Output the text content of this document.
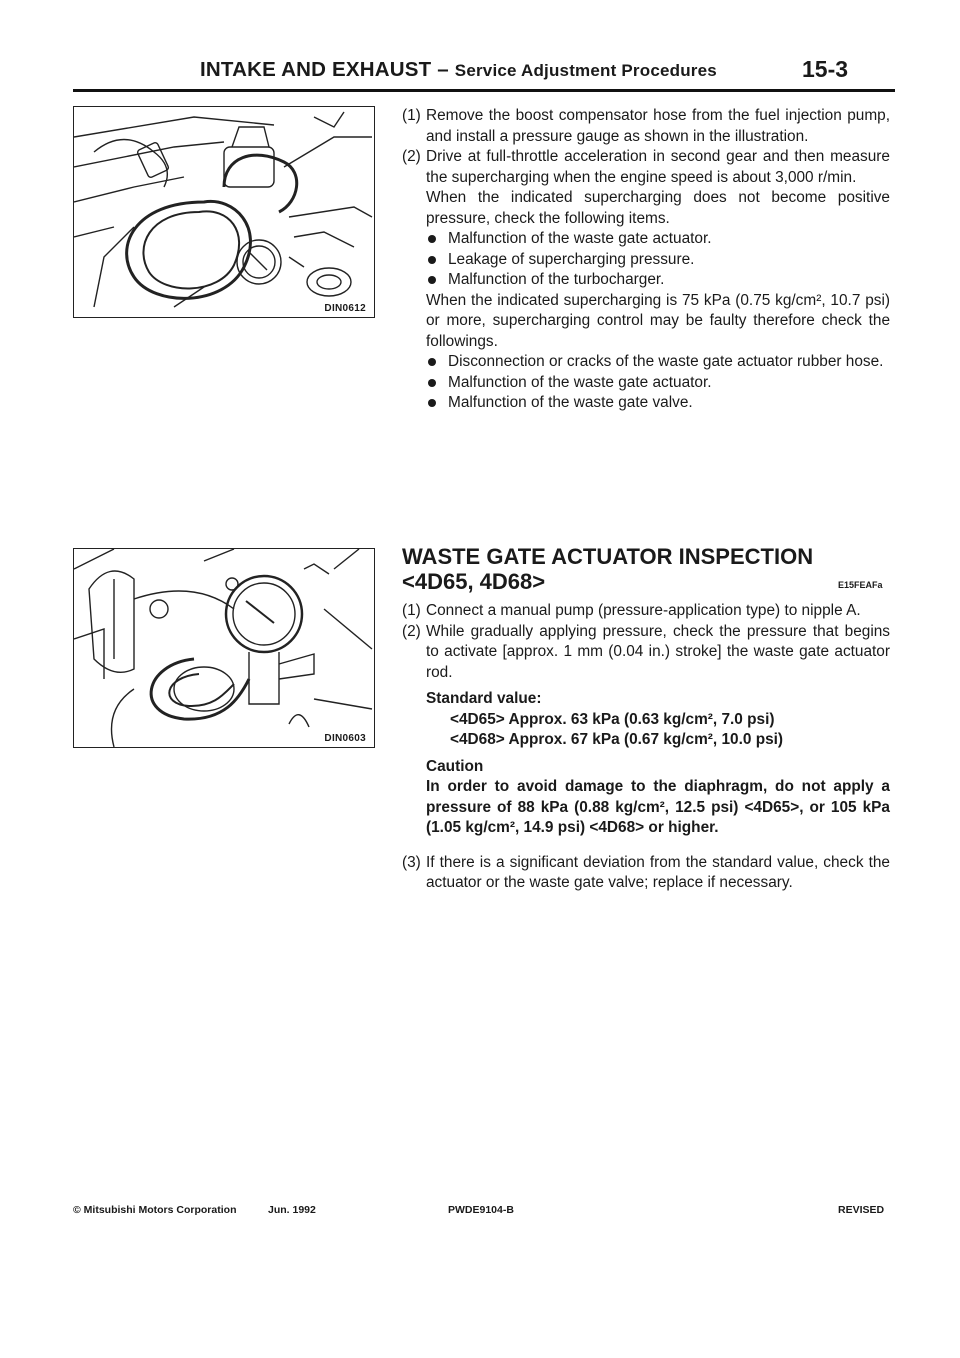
INTAKE AND EXHAUST – Service Adjustment Procedures	15-3
DIN0612
(1) Remove the boost compensator hose from the fuel injection pump, and install a pressure gauge as shown in the illustration.
(2) Drive at full-throttle acceleration in second gear and then measure the supercharging when the engine speed is about 3,000 r/min.
When the indicated supercharging does not become positive pressure, check the following items.
Malfunction of the waste gate actuator.
Leakage of supercharging pressure.
Malfunction of the turbocharger.
When the indicated supercharging is 75 kPa (0.75 kg/cm², 10.7 psi) or more, supercharging control may be faulty therefore check the followings.
Disconnection or cracks of the waste gate actuator rubber hose.
Malfunction of the waste gate actuator.
Malfunction of the waste gate valve.
DIN0603
WASTE GATE ACTUATOR INSPECTION
<4D65, 4D68>	E15FEAFa
(1) Connect a manual pump (pressure-application type) to nipple A.
(2) While gradually applying pressure, check the pressure that begins to activate [approx. 1 mm (0.04 in.) stroke] the waste gate actuator rod.
Standard value:
<4D65> Approx. 63 kPa (0.63 kg/cm², 7.0 psi)
<4D68> Approx. 67 kPa (0.67 kg/cm², 10.0 psi)
Caution
In order to avoid damage to the diaphragm, do not apply a pressure of 88 kPa (0.88 kg/cm², 12.5 psi) <4D65>, or 105 kPa (1.05 kg/cm², 14.9 psi) <4D68> or higher.
(3) If there is a significant deviation from the standard value, check the actuator or the waste gate valve; replace if necessary.
© Mitsubishi Motors Corporation	Jun. 1992	PWDE9104-B	REVISED
